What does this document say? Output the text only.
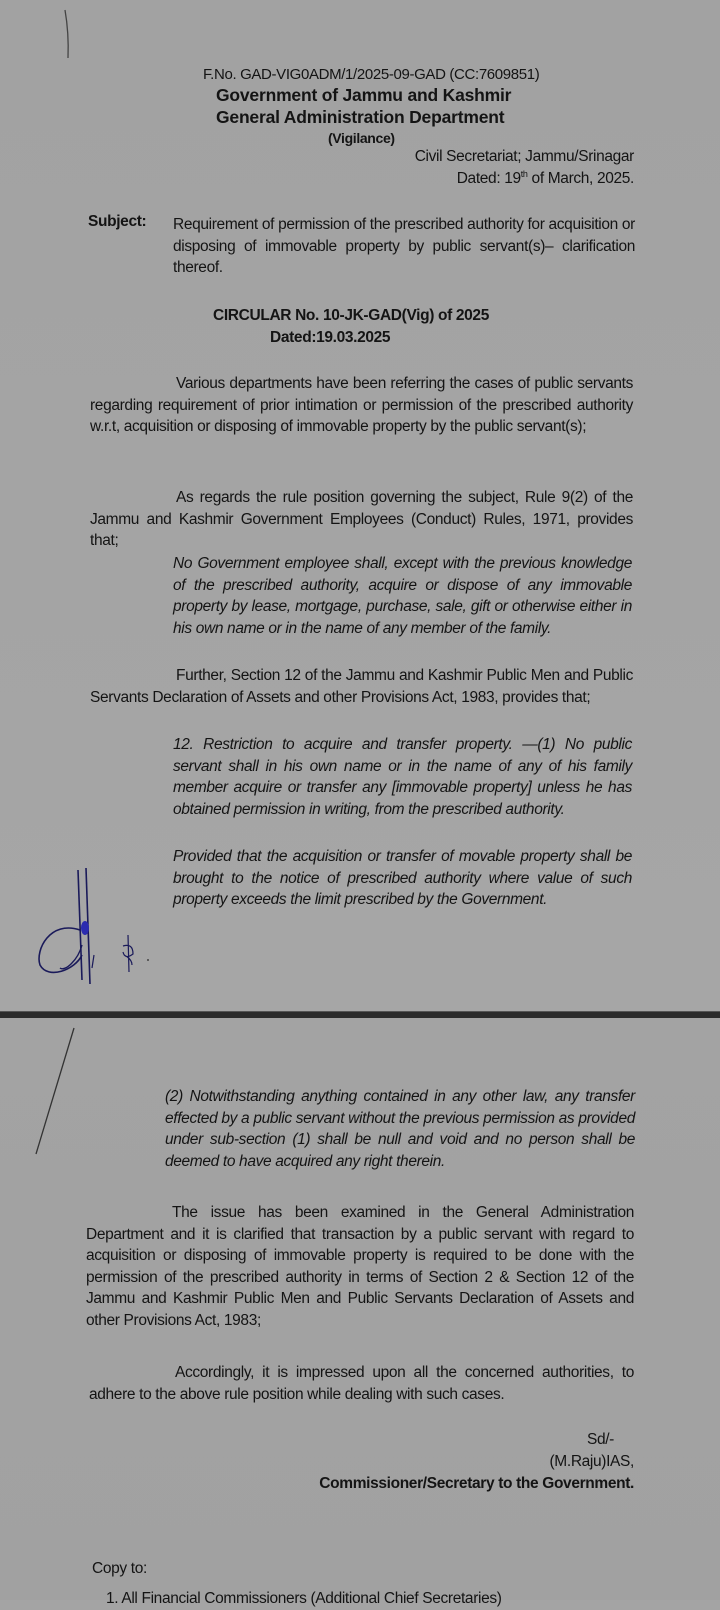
F.No. GAD-VIG0ADM/1/2025-09-GAD (CC:7609851)
Government of Jammu and Kashmir
General Administration Department
(Vigilance)
Civil Secretariat; Jammu/Srinagar
Dated: 19th of March, 2025.
Subject: Requirement of permission of the prescribed authority for acquisition or disposing of immovable property by public servant(s)– clarification thereof.
CIRCULAR No. 10-JK-GAD(Vig) of 2025
Dated:19.03.2025
Various departments have been referring the cases of public servants regarding requirement of prior intimation or permission of the prescribed authority w.r.t, acquisition or disposing of immovable property by the public servant(s);
As regards the rule position governing the subject, Rule 9(2) of the Jammu and Kashmir Government Employees (Conduct) Rules, 1971, provides that;
No Government employee shall, except with the previous knowledge of the prescribed authority, acquire or dispose of any immovable property by lease, mortgage, purchase, sale, gift or otherwise either in his own name or in the name of any member of the family.
Further, Section 12 of the Jammu and Kashmir Public Men and Public Servants Declaration of Assets and other Provisions Act, 1983, provides that;
12. Restriction to acquire and transfer property. —(1) No public servant shall in his own name or in the name of any of his family member acquire or transfer any [immovable property] unless he has obtained permission in writing, from the prescribed authority.
Provided that the acquisition or transfer of movable property shall be brought to the notice of prescribed authority where value of such property exceeds the limit prescribed by the Government.
(2) Notwithstanding anything contained in any other law, any transfer effected by a public servant without the previous permission as provided under sub-section (1) shall be null and void and no person shall be deemed to have acquired any right therein.
The issue has been examined in the General Administration Department and it is clarified that transaction by a public servant with regard to acquisition or disposing of immovable property is required to be done with the permission of the prescribed authority in terms of Section 2 & Section 12 of the Jammu and Kashmir Public Men and Public Servants Declaration of Assets and other Provisions Act, 1983;
Accordingly, it is impressed upon all the concerned authorities, to adhere to the above rule position while dealing with such cases.
Sd/-
(M.Raju)IAS,
Commissioner/Secretary to the Government.
Copy to:
1. All Financial Commissioners (Additional Chief Secretaries)
